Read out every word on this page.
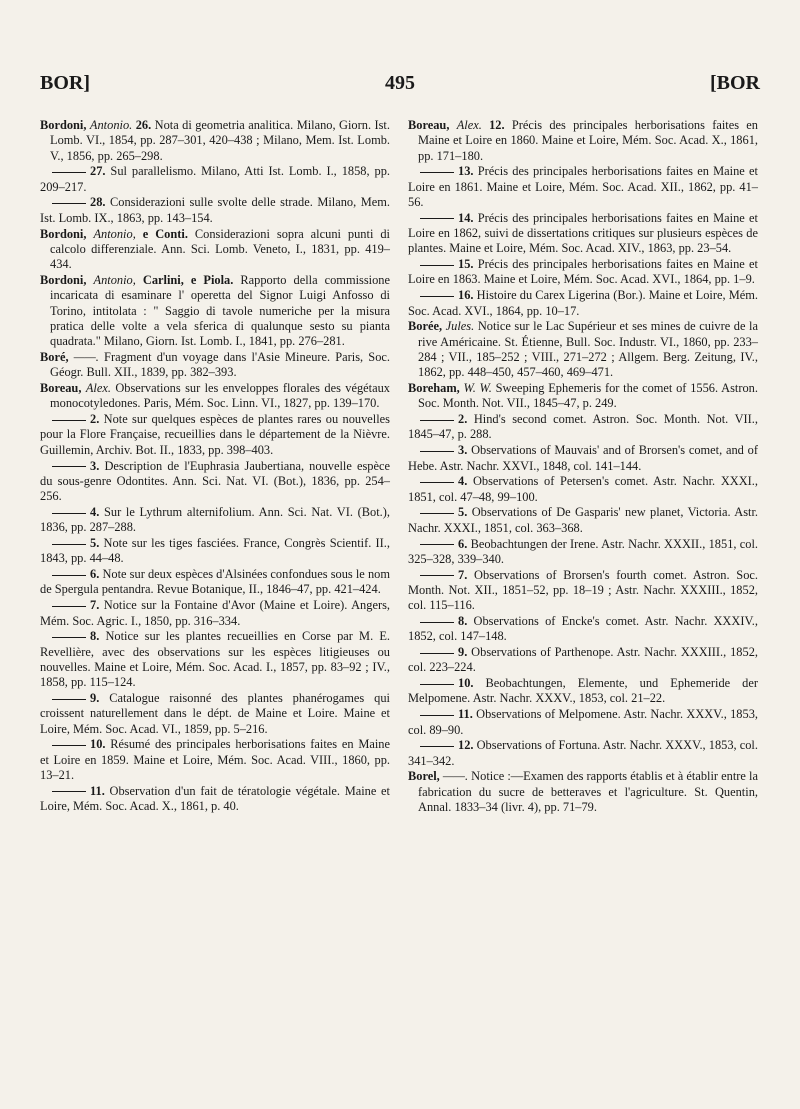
BOR]	495	[BOR

Bordoni, Antonio. 26. Nota di geometria analitica. Milano, Giorn. Ist. Lomb. VI., 1854, pp. 287–301, 420–438 ; Milano, Mem. Ist. Lomb. V., 1856, pp. 265–298.

27. Sul parallelismo. Milano, Atti Ist. Lomb. I., 1858, pp. 209–217.

28. Considerazioni sulle svolte delle strade. Milano, Mem. Ist. Lomb. IX., 1863, pp. 143–154.

Bordoni, Antonio, e Conti. Considerazioni sopra alcuni punti di calcolo differenziale. Ann. Sci. Lomb. Veneto, I., 1831, pp. 419–434.

Bordoni, Antonio, Carlini, e Piola. Rapporto della commissione incaricata di esaminare l' operetta del Signor Luigi Anfosso di Torino, intitolata : " Saggio di tavole numeriche per la misura pratica delle volte a vela sferica di qualunque sesto su pianta quadrata." Milano, Giorn. Ist. Lomb. I., 1841, pp. 276–281.

Boré, ——. Fragment d'un voyage dans l'Asie Mineure. Paris, Soc. Géogr. Bull. XII., 1839, pp. 382–393.

Boreau, Alex. Observations sur les enveloppes florales des végétaux monocotyledones. Paris, Mém. Soc. Linn. VI., 1827, pp. 139–170.

2. Note sur quelques espèces de plantes rares ou nouvelles pour la Flore Française, recueillies dans le département de la Nièvre. Guillemin, Archiv. Bot. II., 1833, pp. 398–403.

3. Description de l'Euphrasia Jaubertiana, nouvelle espèce du sous-genre Odontites. Ann. Sci. Nat. VI. (Bot.), 1836, pp. 254–256.

4. Sur le Lythrum alternifolium. Ann. Sci. Nat. VI. (Bot.), 1836, pp. 287–288.

5. Note sur les tiges fasciées. France, Congrès Scientif. II., 1843, pp. 44–48.

6. Note sur deux espèces d'Alsinées confondues sous le nom de Spergula pentandra. Revue Botanique, II., 1846–47, pp. 421–424.

7. Notice sur la Fontaine d'Avor (Maine et Loire). Angers, Mém. Soc. Agric. I., 1850, pp. 316–334.

8. Notice sur les plantes recueillies en Corse par M. E. Revellière, avec des observations sur les espèces litigieuses ou nouvelles. Maine et Loire, Mém. Soc. Acad. I., 1857, pp. 83–92 ; IV., 1858, pp. 115–124.

9. Catalogue raisonné des plantes phanérogames qui croissent naturellement dans le dépt. de Maine et Loire. Maine et Loire, Mém. Soc. Acad. VI., 1859, pp. 5–216.

10. Résumé des principales herborisations faites en Maine et Loire en 1859. Maine et Loire, Mém. Soc. Acad. VIII., 1860, pp. 13–21.

11. Observation d'un fait de tératologie végétale. Maine et Loire, Mém. Soc. Acad. X., 1861, p. 40.

Boreau, Alex. 12. Précis des principales herborisations faites en Maine et Loire en 1860. Maine et Loire, Mém. Soc. Acad. X., 1861, pp. 171–180.

13. Précis des principales herborisations faites en Maine et Loire en 1861. Maine et Loire, Mém. Soc. Acad. XII., 1862, pp. 41–56.

14. Précis des principales herborisations faites en Maine et Loire en 1862, suivi de dissertations critiques sur plusieurs espèces de plantes. Maine et Loire, Mém. Soc. Acad. XIV., 1863, pp. 23–54.

15. Précis des principales herborisations faites en Maine et Loire en 1863. Maine et Loire, Mém. Soc. Acad. XVI., 1864, pp. 1–9.

16. Histoire du Carex Ligerina (Bor.). Maine et Loire, Mém. Soc. Acad. XVI., 1864, pp. 10–17.

Borée, Jules. Notice sur le Lac Supérieur et ses mines de cuivre de la rive Américaine. St. Étienne, Bull. Soc. Industr. VI., 1860, pp. 233–284 ; VII., 185–252 ; VIII., 271–272 ; Allgem. Berg. Zeitung, IV., 1862, pp. 448–450, 457–460, 469–471.

Boreham, W. W. Sweeping Ephemeris for the comet of 1556. Astron. Soc. Month. Not. VII., 1845–47, p. 249.

2. Hind's second comet. Astron. Soc. Month. Not. VII., 1845–47, p. 288.

3. Observations of Mauvais' and of Brorsen's comet, and of Hebe. Astr. Nachr. XXVI., 1848, col. 141–144.

4. Observations of Petersen's comet. Astr. Nachr. XXXI., 1851, col. 47–48, 99–100.

5. Observations of De Gasparis' new planet, Victoria. Astr. Nachr. XXXI., 1851, col. 363–368.

6. Beobachtungen der Irene. Astr. Nachr. XXXII., 1851, col. 325–328, 339–340.

7. Observations of Brorsen's fourth comet. Astron. Soc. Month. Not. XII., 1851–52, pp. 18–19 ; Astr. Nachr. XXXIII., 1852, col. 115–116.

8. Observations of Encke's comet. Astr. Nachr. XXXIV., 1852, col. 147–148.

9. Observations of Parthenope. Astr. Nachr. XXXIII., 1852, col. 223–224.

10. Beobachtungen, Elemente, und Ephemeride der Melpomene. Astr. Nachr. XXXV., 1853, col. 21–22.

11. Observations of Melpomene. Astr. Nachr. XXXV., 1853, col. 89–90.

12. Observations of Fortuna. Astr. Nachr. XXXV., 1853, col. 341–342.

Borel, ——. Notice :—Examen des rapports établis et à établir entre la fabrication du sucre de betteraves et l'agriculture. St. Quentin, Annal. 1833–34 (livr. 4), pp. 71–79.
